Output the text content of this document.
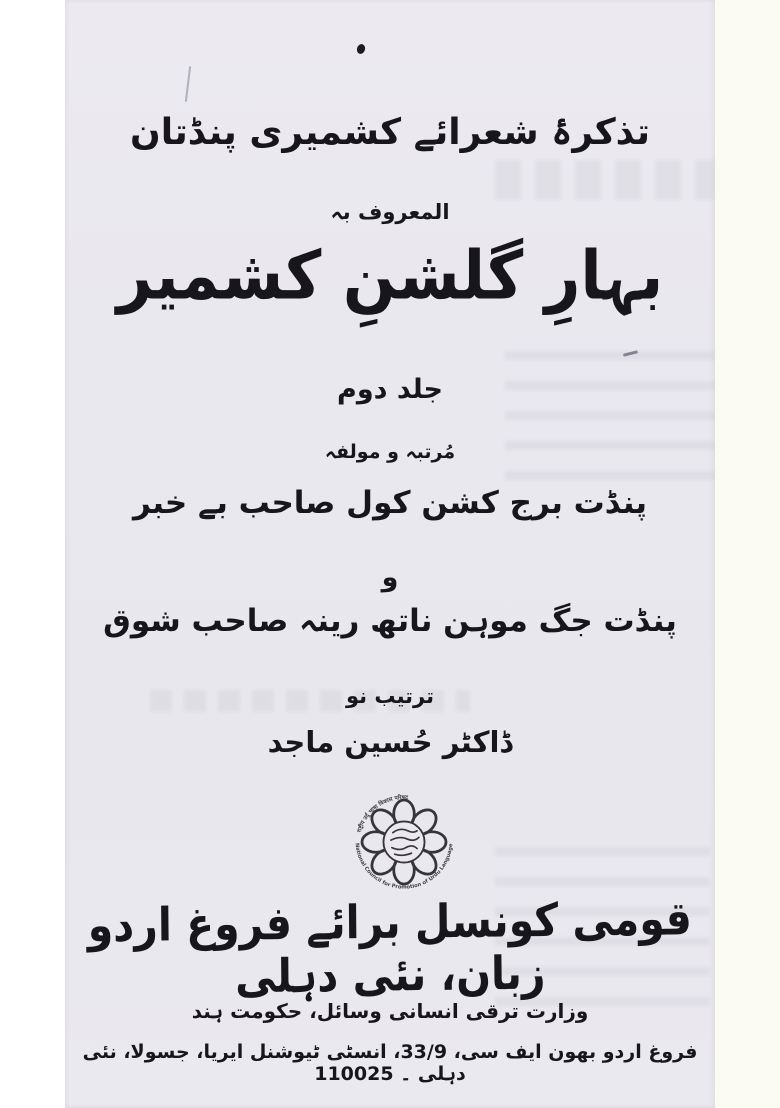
تذکرۂ شعرائے کشمیری پنڈتان
المعروف بہ
بہارِ گلشنِ کشمیر
جلد دوم
مُرتبہ و مولفہ
پنڈت برج کشن کول صاحب بے خبر
و
پنڈت جگ موہن ناتھ رینہ صاحب شوق
ترتیب نو
ڈاکٹر حُسین ماجد
राष्ट्रीय उर्दू भाषा विकास परिषद्
National Council for Promotion of Urdu Language
قومی کونسل برائے فروغ اردو زبان، نئی دہلی
وزارت ترقی انسانی وسائل، حکومت ہند
فروغ اردو بھون ایف سی، 33/9، انسٹی ٹیوشنل ایریا، جسولا، نئی دہلی ۔ 110025
